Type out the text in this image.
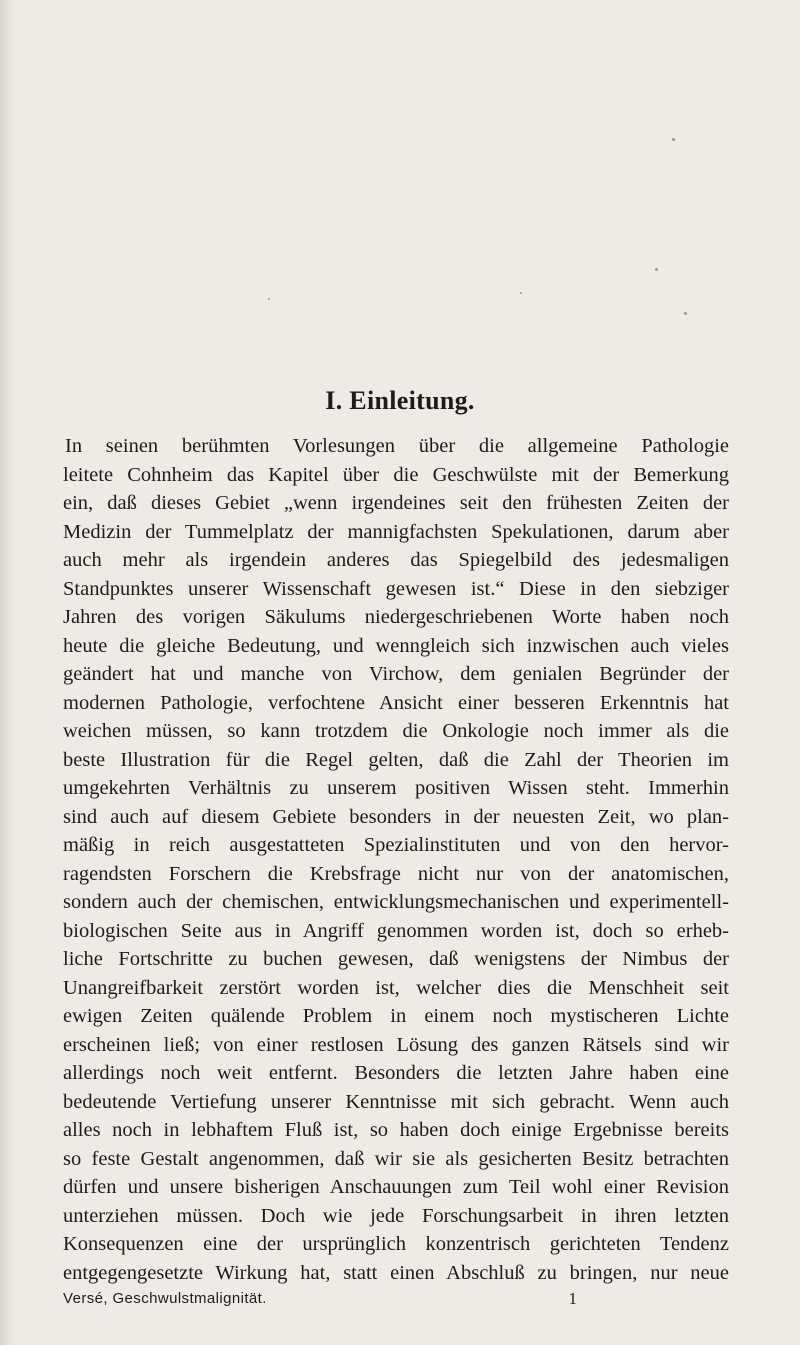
I. Einleitung.
In seinen berühmten Vorlesungen über die allgemeine Pathologie
leitete Cohnheim das Kapitel über die Geschwülste mit der Bemerkung
ein, daß dieses Gebiet „wenn irgendeines seit den frühesten Zeiten der
Medizin der Tummelplatz der mannigfachsten Spekulationen, darum aber
auch mehr als irgendein anderes das Spiegelbild des jedesmaligen
Standpunktes unserer Wissenschaft gewesen ist.“ Diese in den siebziger
Jahren des vorigen Säkulums niedergeschriebenen Worte haben noch
heute die gleiche Bedeutung, und wenngleich sich inzwischen auch vieles
geändert hat und manche von Virchow, dem genialen Begründer der
modernen Pathologie, verfochtene Ansicht einer besseren Erkenntnis hat
weichen müssen, so kann trotzdem die Onkologie noch immer als die
beste Illustration für die Regel gelten, daß die Zahl der Theorien im
umgekehrten Verhältnis zu unserem positiven Wissen steht. Immerhin
sind auch auf diesem Gebiete besonders in der neuesten Zeit, wo plan-
mäßig in reich ausgestatteten Spezialinstituten und von den hervor-
ragendsten Forschern die Krebsfrage nicht nur von der anatomischen,
sondern auch der chemischen, entwicklungsmechanischen und experimentell-
biologischen Seite aus in Angriff genommen worden ist, doch so erheb-
liche Fortschritte zu buchen gewesen, daß wenigstens der Nimbus der
Unangreifbarkeit zerstört worden ist, welcher dies die Menschheit seit
ewigen Zeiten quälende Problem in einem noch mystischeren Lichte
erscheinen ließ; von einer restlosen Lösung des ganzen Rätsels sind wir
allerdings noch weit entfernt. Besonders die letzten Jahre haben eine
bedeutende Vertiefung unserer Kenntnisse mit sich gebracht. Wenn auch
alles noch in lebhaftem Fluß ist, so haben doch einige Ergebnisse bereits
so feste Gestalt angenommen, daß wir sie als gesicherten Besitz betrachten
dürfen und unsere bisherigen Anschauungen zum Teil wohl einer Revision
unterziehen müssen. Doch wie jede Forschungsarbeit in ihren letzten
Konsequenzen eine der ursprünglich konzentrisch gerichteten Tendenz
entgegengesetzte Wirkung hat, statt einen Abschluß zu bringen, nur neue
Versé, Geschwulstmalignität.	1
